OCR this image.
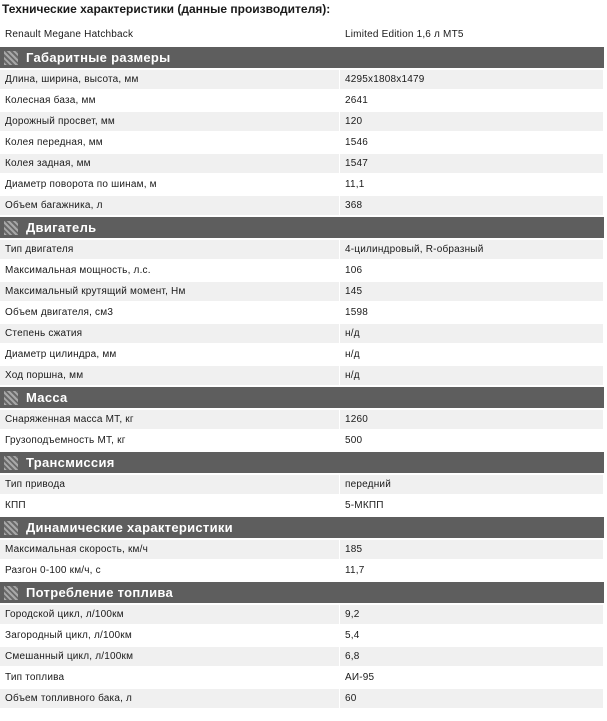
Технические характеристики (данные производителя):
Renault Megane Hatchback	Limited Edition 1,6 л MT5

Габаритные размеры	

Длина, ширина, высота, мм	4295х1808х1479
Колесная база, мм	2641
Дорожный просвет, мм	120
Колея передная, мм	1546
Колея задная, мм	1547
Диаметр поворота по шинам, м	11,1
Объем багажника, л	368

Двигатель	

Тип двигателя	4-цилиндровый, R-образный
Максимальная мощность, л.с.	106
Максимальный крутящий момент, Нм	145
Объем двигателя, см3	1598
Степень сжатия	н/д
Диаметр цилиндра, мм	н/д
Ход поршна, мм	н/д

Масса	

Снаряженная масса MT, кг	1260
Грузоподъемность MT, кг	500

Трансмиссия	

Тип привода	передний
КПП	5-МКПП

Динамические характеристики	

Максимальная скорость, км/ч	185
Разгон 0-100 км/ч, с	11,7

Потребление топлива	

Городской цикл, л/100км	9,2
Загородный цикл, л/100км	5,4
Смешанный цикл, л/100км	6,8
Тип топлива	АИ-95
Объем топливного бака, л	60
